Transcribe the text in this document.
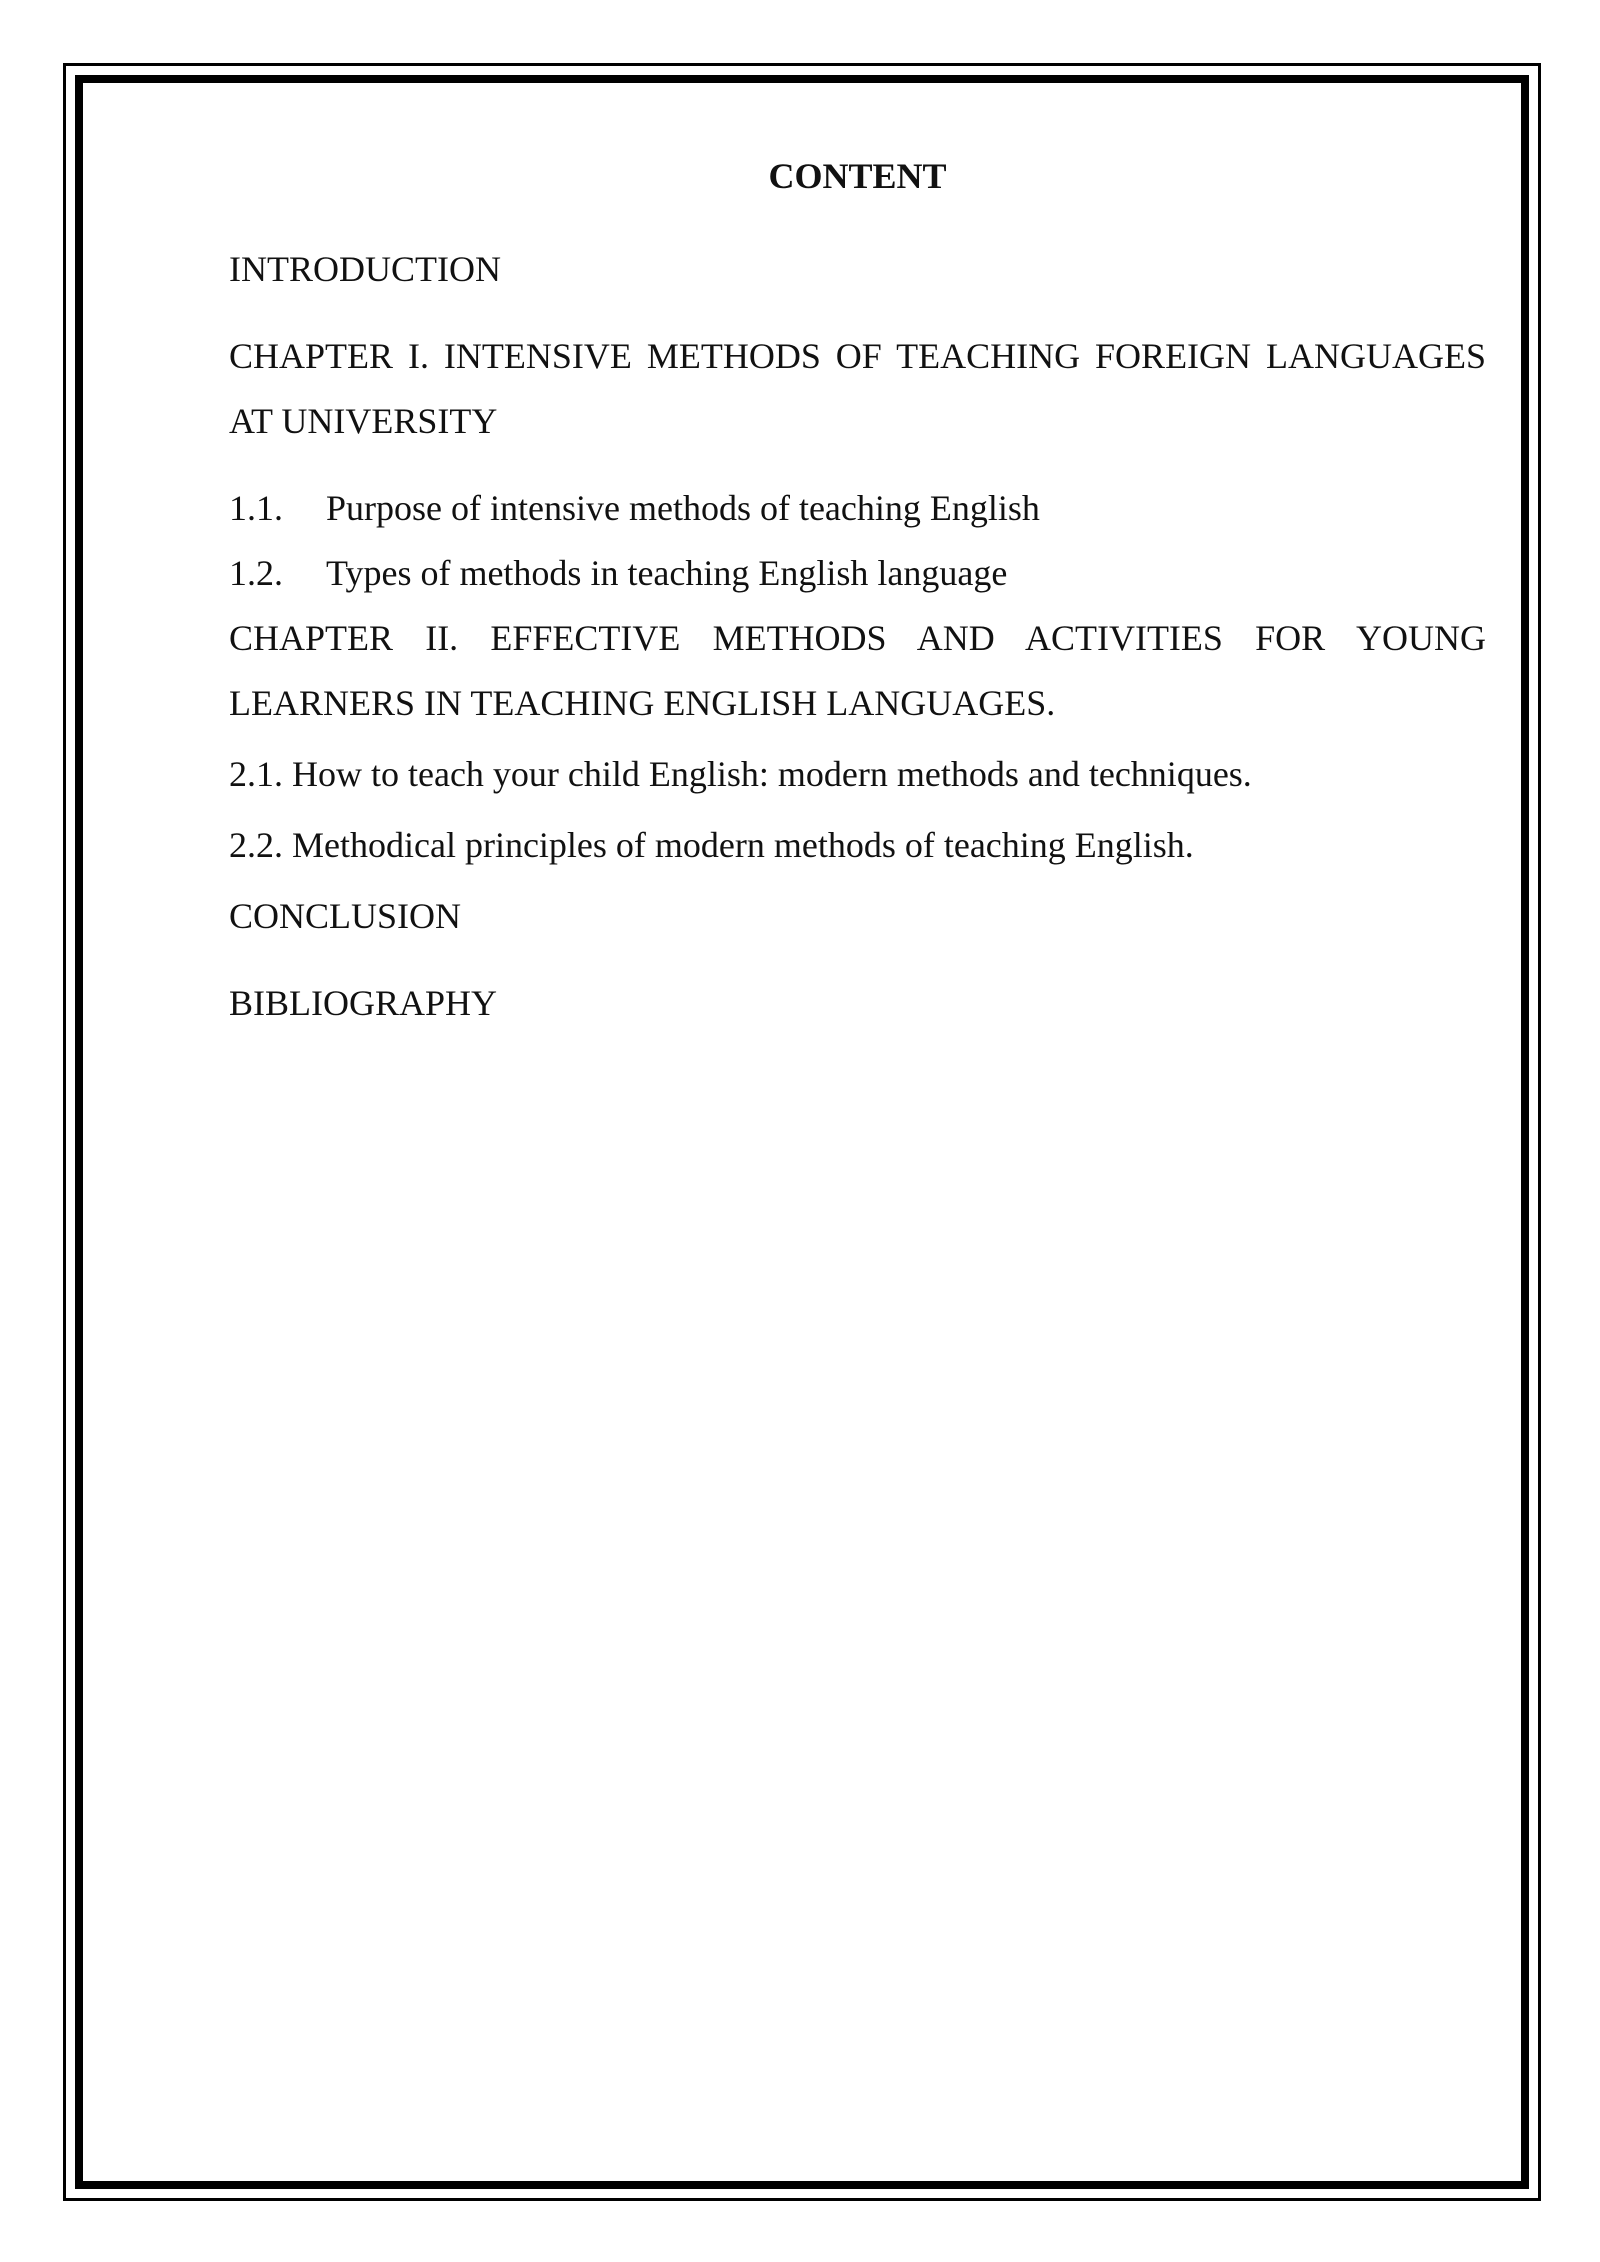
CONTENT
INTRODUCTION
CHAPTER I. INTENSIVE METHODS OF TEACHING FOREIGN LANGUAGES
AT UNIVERSITY
1.1.	Purpose of intensive methods of teaching English
1.2.	Types of methods in teaching English language
CHAPTER II. EFFECTIVE METHODS AND ACTIVITIES FOR YOUNG
LEARNERS IN TEACHING ENGLISH LANGUAGES.
2.1. How to teach your child English: modern methods and techniques.
2.2. Methodical principles of modern methods of teaching English.
CONCLUSION
BIBLIOGRAPHY
